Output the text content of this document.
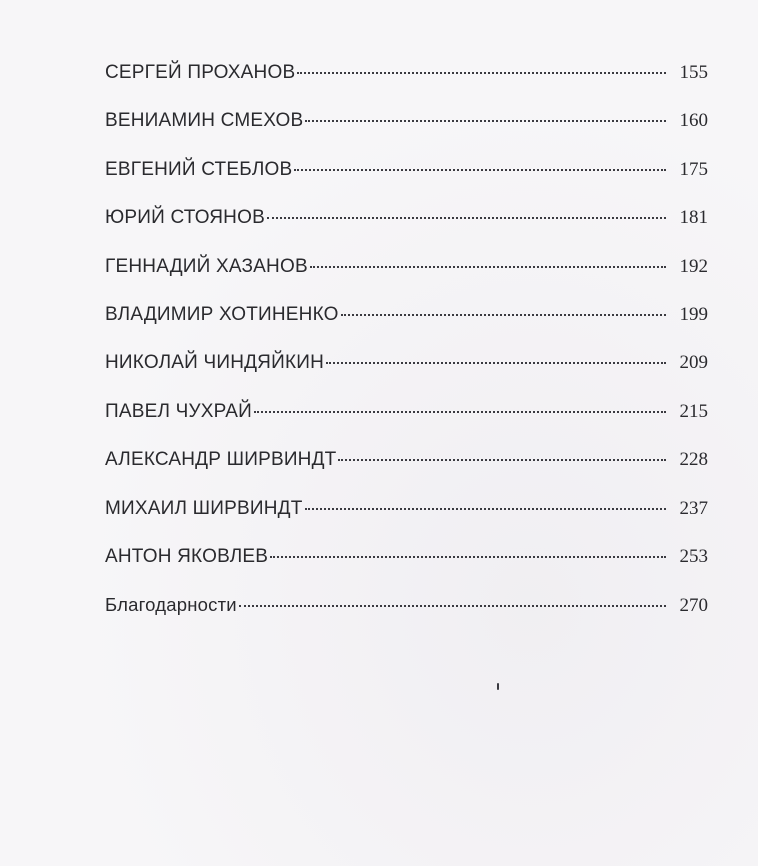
СЕРГЕЙ ПРОХАНОВ	155
ВЕНИАМИН СМЕХОВ	160
ЕВГЕНИЙ СТЕБЛОВ	175
ЮРИЙ СТОЯНОВ	181
ГЕННАДИЙ ХАЗАНОВ	192
ВЛАДИМИР ХОТИНЕНКО	199
НИКОЛАЙ ЧИНДЯЙКИН	209
ПАВЕЛ ЧУХРАЙ	215
АЛЕКСАНДР ШИРВИНДТ	228
МИХАИЛ ШИРВИНДТ	237
АНТОН ЯКОВЛЕВ	253
Благодарности	270
